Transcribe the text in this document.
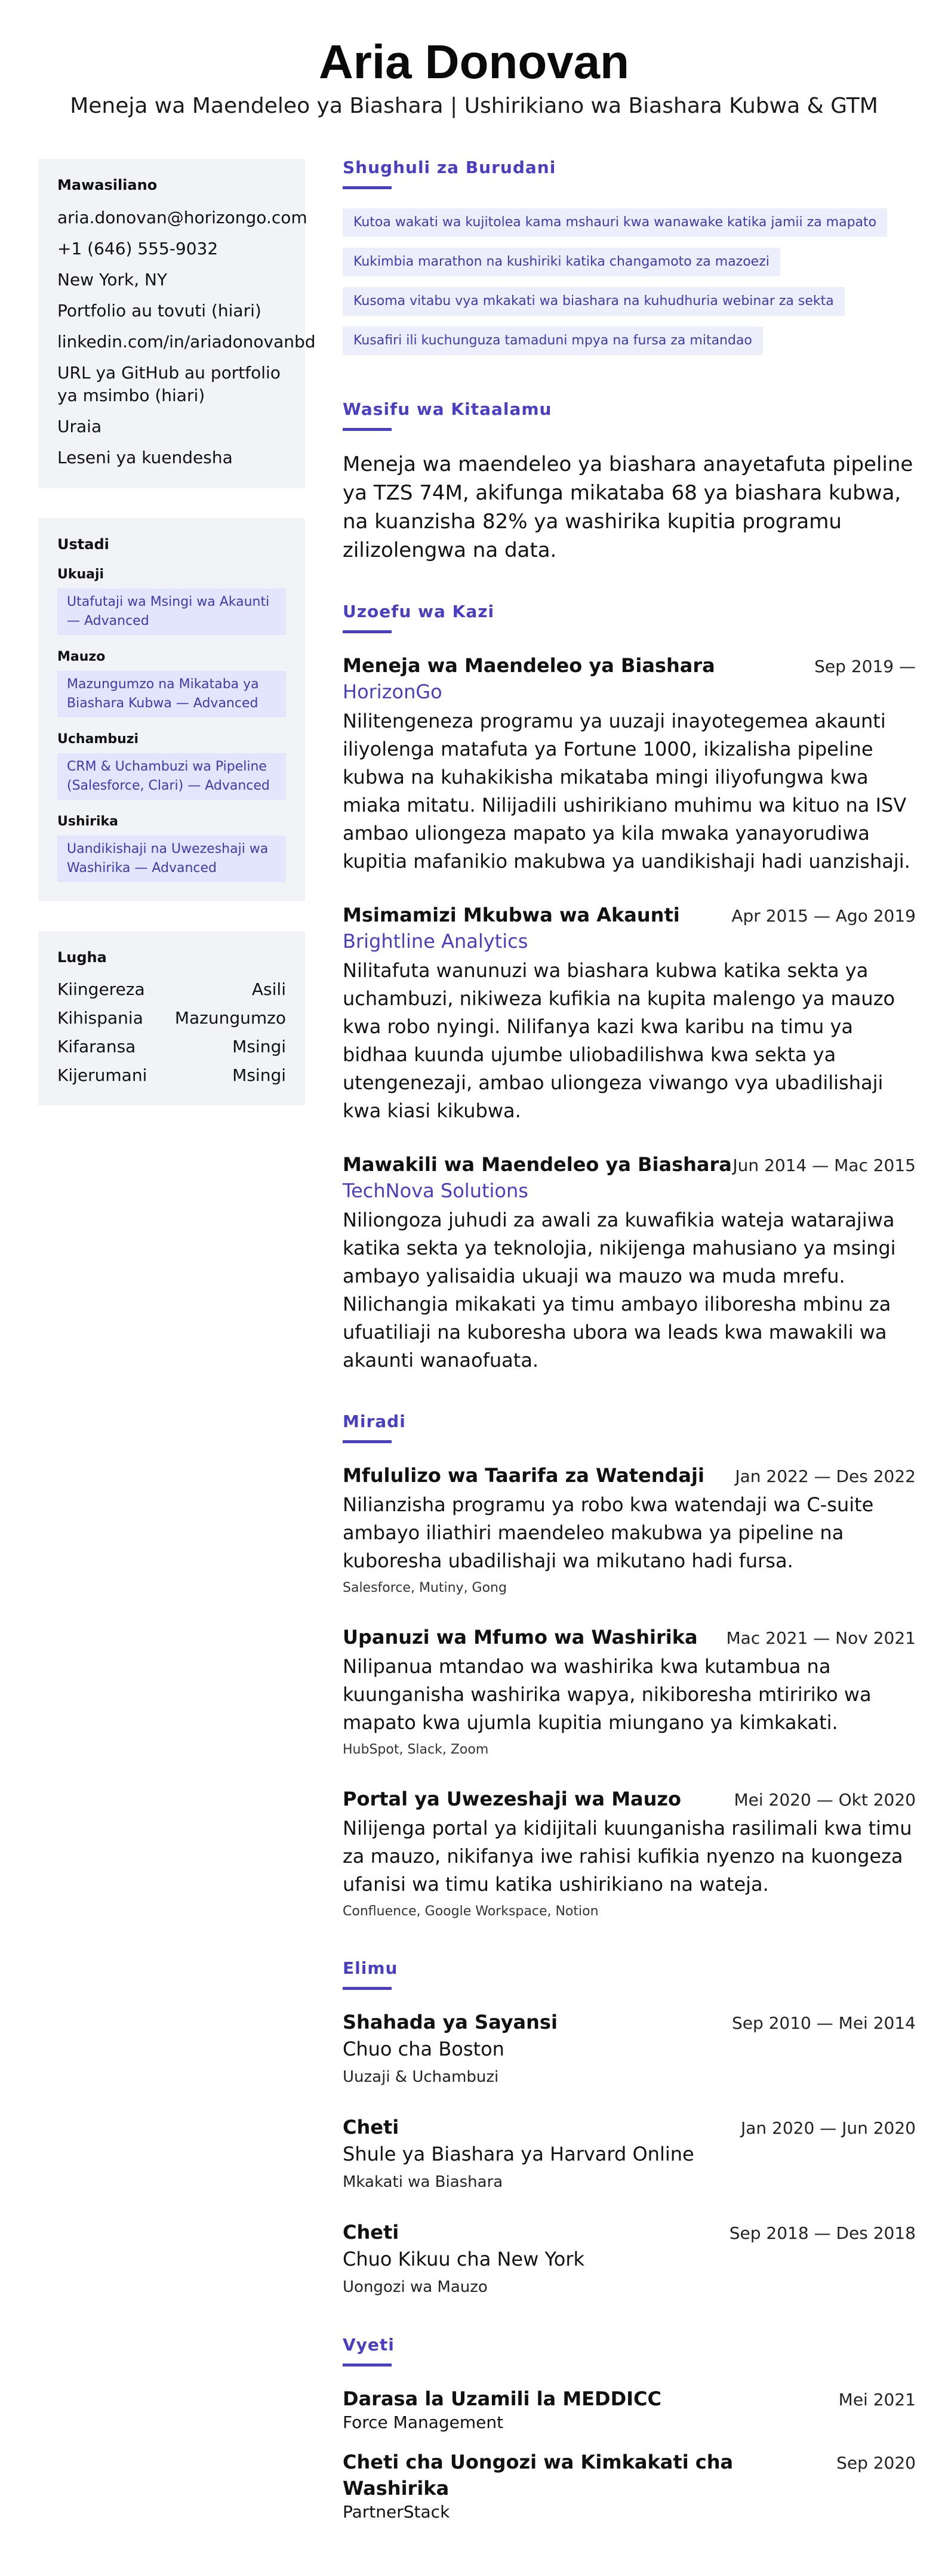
Aria Donovan
Meneja wa Maendeleo ya Biashara | Ushirikiano wa Biashara Kubwa & GTM
Mawasiliano
aria.donovan@horizongo.com
+1 (646) 555-9032
New York, NY
Portfolio au tovuti (hiari)
linkedin.com/in/ariadonovanbd
URL ya GitHub au portfolio ya msimbo (hiari)
Uraia
Leseni ya kuendesha
Ustadi
Ukuaji
Utafutaji wa Msingi wa Akaunti — Advanced
Mauzo
Mazungumzo na Mikataba ya Biashara Kubwa — Advanced
Uchambuzi
CRM & Uchambuzi wa Pipeline (Salesforce, Clari) — Advanced
Ushirika
Uandikishaji na Uwezeshaji wa Washirika — Advanced
Lugha
Kiingereza	Asili
Kihispania Mazungumzo
Kifaransa	Msingi
Kijerumani	Msingi
Shughuli za Burudani
Kutoa wakati wa kujitolea kama mshauri kwa wanawake katika jamii za mapato
Kukimbia marathon na kushiriki katika changamoto za mazoezi
Kusoma vitabu vya mkakati wa biashara na kuhudhuria webinar za sekta
Kusafiri ili kuchunguza tamaduni mpya na fursa za mitandao
Wasifu wa Kitaalamu
Meneja wa maendeleo ya biashara anayetafuta pipeline ya TZS 74M, akifunga mikataba 68 ya biashara kubwa, na kuanzisha 82% ya washirika kupitia programu zilizolengwa na data.
Uzoefu wa Kazi
Meneja wa Maendeleo ya Biashara	Sep 2019 —
HorizonGo
Nilitengeneza programu ya uuzaji inayotegemea akaunti iliyolenga matafuta ya Fortune 1000, ikizalisha pipeline kubwa na kuhakikisha mikataba mingi iliyofungwa kwa miaka mitatu. Nilijadili ushirikiano muhimu wa kituo na ISV ambao uliongeza mapato ya kila mwaka yanayorudiwa kupitia mafanikio makubwa ya uandikishaji hadi uanzishaji.
Msimamizi Mkubwa wa Akaunti	Apr 2015 — Ago 2019
Brightline Analytics
Nilitafuta wanunuzi wa biashara kubwa katika sekta ya uchambuzi, nikiweza kufikia na kupita malengo ya mauzo kwa robo nyingi. Nilifanya kazi kwa karibu na timu ya bidhaa kuunda ujumbe uliobadilishwa kwa sekta ya utengenezaji, ambao uliongeza viwango vya ubadilishaji kwa kiasi kikubwa.
Mawakili wa Maendeleo ya Biashara Jun 2014 — Mac 2015
TechNova Solutions
Niliongoza juhudi za awali za kuwafikia wateja watarajiwa katika sekta ya teknolojia, nikijenga mahusiano ya msingi ambayo yalisaidia ukuaji wa mauzo wa muda mrefu. Nilichangia mikakati ya timu ambayo iliboresha mbinu za ufuatiliaji na kuboresha ubora wa leads kwa mawakili wa akaunti wanaofuata.
Miradi
Mfululizo wa Taarifa za Watendaji Jan 2022 — Des 2022
Nilianzisha programu ya robo kwa watendaji wa C-suite ambayo iliathiri maendeleo makubwa ya pipeline na kuboresha ubadilishaji wa mikutano hadi fursa.
Salesforce, Mutiny, Gong
Upanuzi wa Mfumo wa Washirika Mac 2021 — Nov 2021
Nilipanua mtandao wa washirika kwa kutambua na kuunganisha washirika wapya, nikiboresha mtiririko wa mapato kwa ujumla kupitia miungano ya kimkakati.
HubSpot, Slack, Zoom
Portal ya Uwezeshaji wa Mauzo	Mei 2020 — Okt 2020
Nilijenga portal ya kidijitali kuunganisha rasilimali kwa timu za mauzo, nikifanya iwe rahisi kufikia nyenzo na kuongeza ufanisi wa timu katika ushirikiano na wateja.
Confluence, Google Workspace, Notion
Elimu
Shahada ya Sayansi	Sep 2010 — Mei 2014
Chuo cha Boston
Uuzaji & Uchambuzi
Cheti	Jan 2020 — Jun 2020
Shule ya Biashara ya Harvard Online
Mkakati wa Biashara
Cheti	Sep 2018 — Des 2018
Chuo Kikuu cha New York
Uongozi wa Mauzo
Vyeti
Darasa la Uzamili la MEDDICC	Mei 2021
Force Management
Cheti cha Uongozi wa Kimkakati cha Washirika
Sep 2020
PartnerStack
